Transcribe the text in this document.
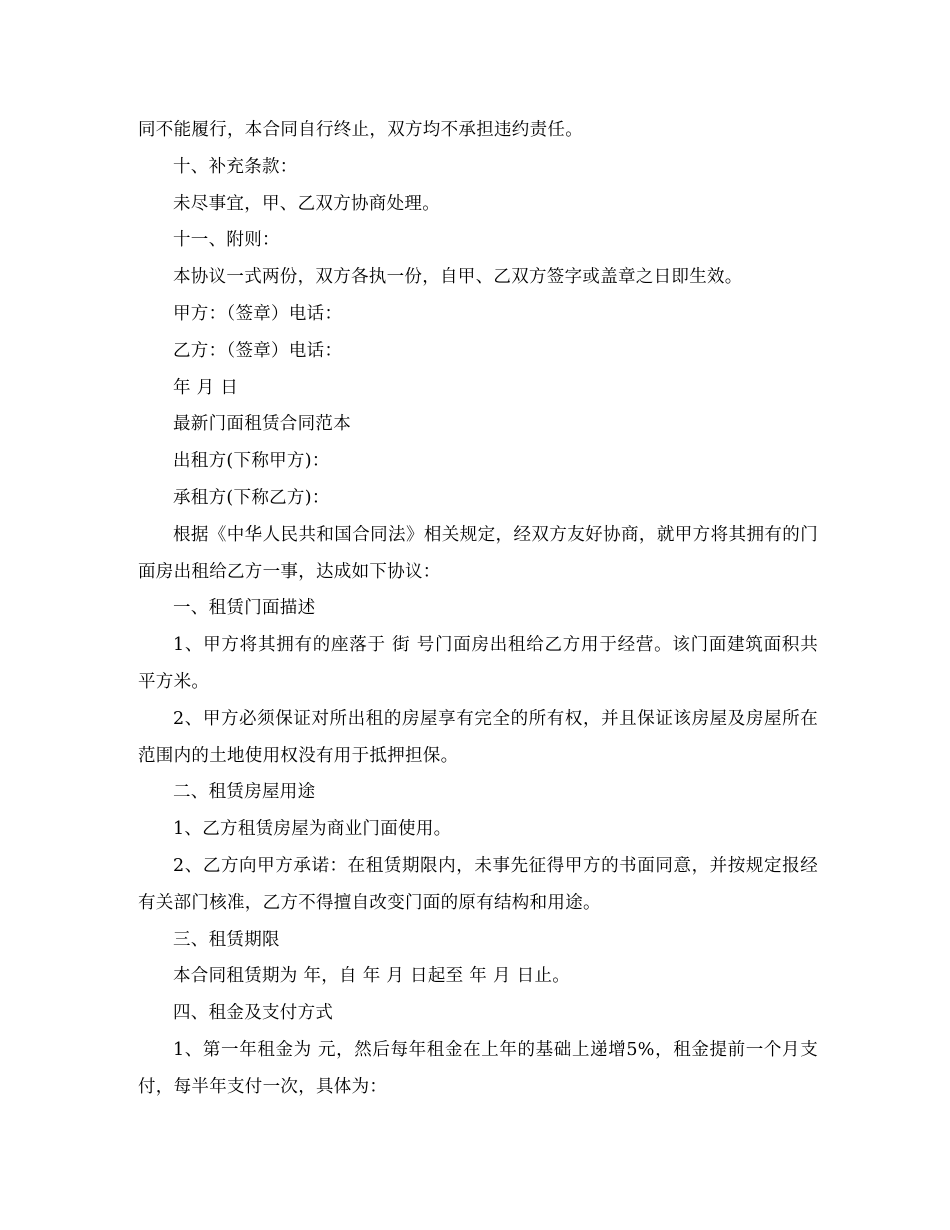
同不能履行，本合同自行终止，双方均不承担违约责任。

十、补充条款：

未尽事宜，甲、乙双方协商处理。

十一、附则：

本协议一式两份，双方各执一份，自甲、乙双方签字或盖章之日即生效。

甲方：（签章）电话：

乙方：（签章）电话：

年 月 日

最新门面租赁合同范本

出租方(下称甲方)：

承租方(下称乙方)：

根据《中华人民共和国合同法》相关规定，经双方友好协商，就甲方将其拥有的门面房出租给乙方一事，达成如下协议：

一、租赁门面描述

1、甲方将其拥有的座落于 街 号门面房出租给乙方用于经营。该门面建筑面积共 平方米。

2、甲方必须保证对所出租的房屋享有完全的所有权，并且保证该房屋及房屋所在范围内的土地使用权没有用于抵押担保。

二、租赁房屋用途

1、乙方租赁房屋为商业门面使用。

2、乙方向甲方承诺：在租赁期限内，未事先征得甲方的书面同意，并按规定报经有关部门核准，乙方不得擅自改变门面的原有结构和用途。

三、租赁期限

本合同租赁期为 年，自 年 月 日起至 年 月 日止。

四、租金及支付方式

1、第一年租金为 元，然后每年租金在上年的基础上递增5%，租金提前一个月支付，每半年支付一次，具体为：
